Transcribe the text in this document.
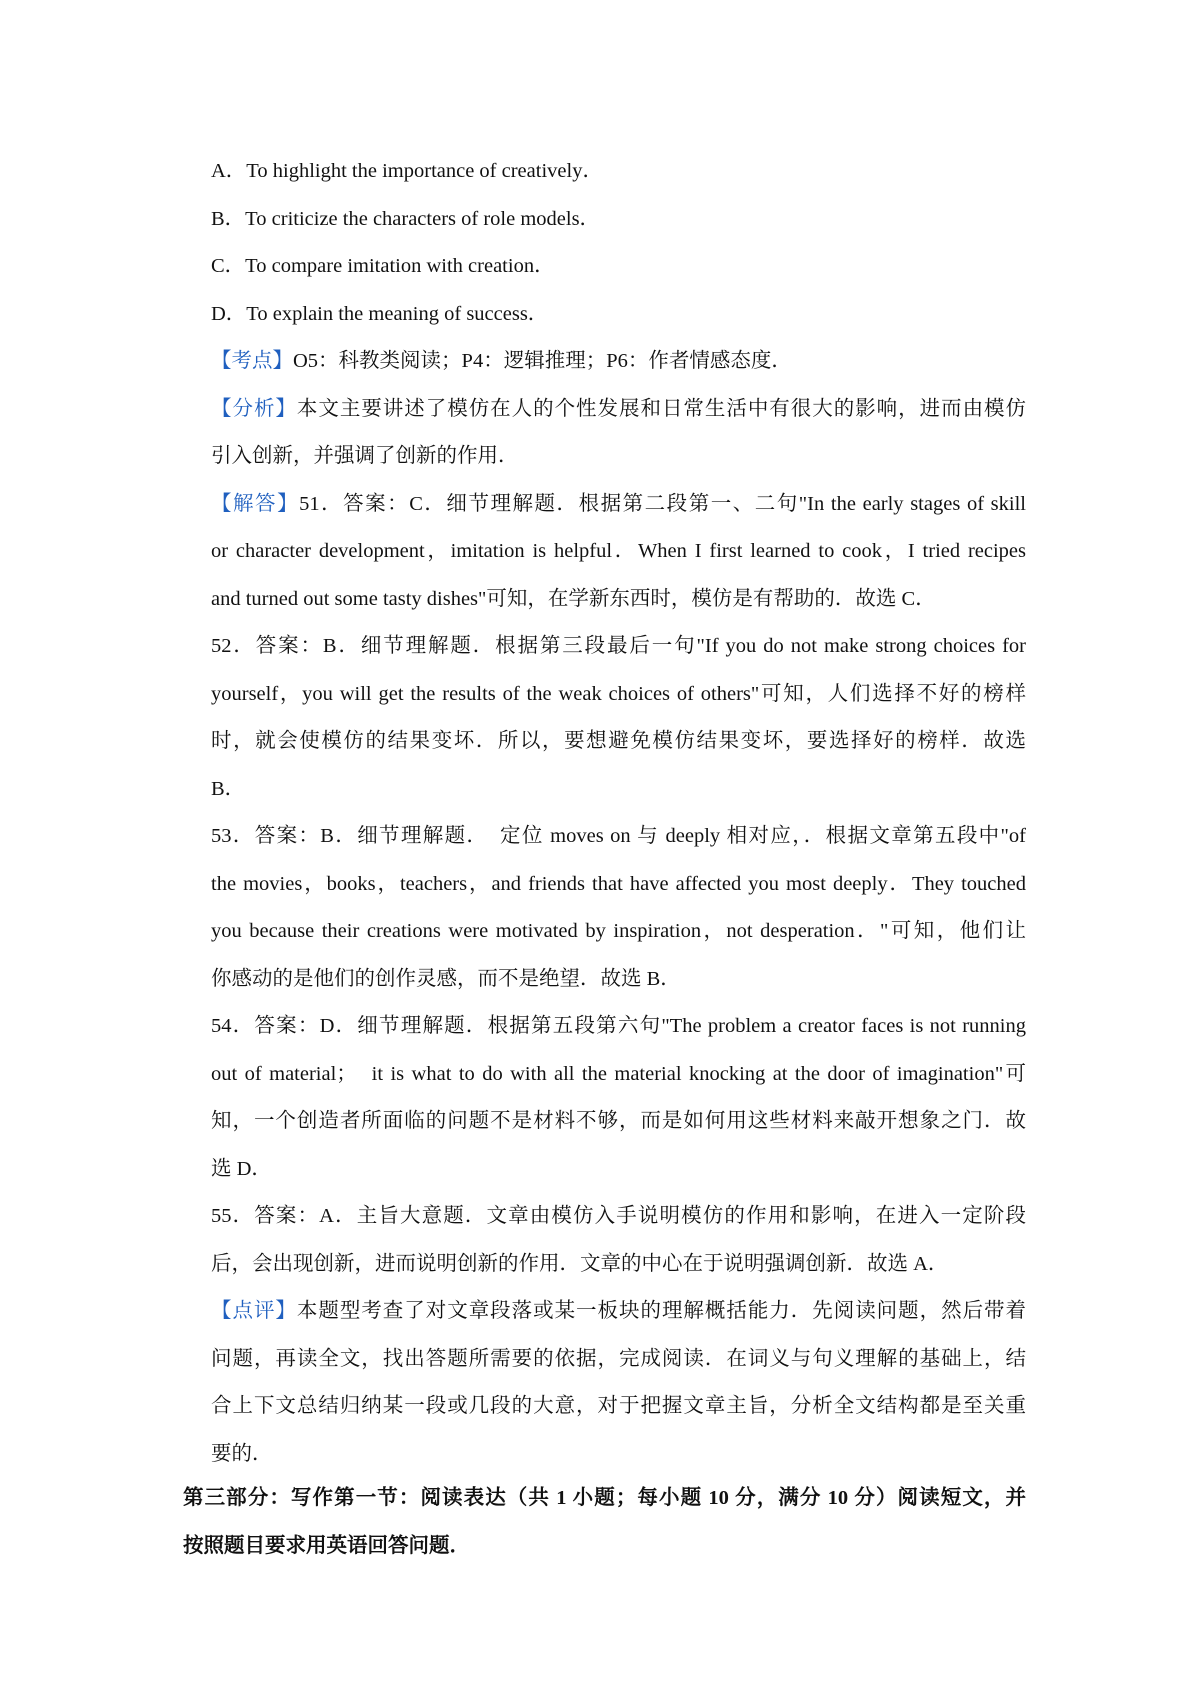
A．To highlight the importance of creatively．
B．To criticize the characters of role models．
C．To compare imitation with creation．
D．To explain the meaning of success．
【考点】O5：科教类阅读；P4：逻辑推理；P6：作者情感态度．
【分析】本文主要讲述了模仿在人的个性发展和日常生活中有很大的影响，进而由模仿
引入创新，并强调了创新的作用．
【解答】51．答案：C．细节理解题．根据第二段第一、二句"In the early stages of skill
or character development，imitation is helpful．When I first learned to cook，I tried recipes
and turned out some tasty dishes"可知，在学新东西时，模仿是有帮助的．故选 C．
52．答案：B．细节理解题．根据第三段最后一句"If you do not make strong choices for
yourself，you will get the results of the weak choices of others"可知，人们选择不好的榜样
时，就会使模仿的结果变坏．所以，要想避免模仿结果变坏，要选择好的榜样．故选
B．
53．答案：B．细节理解题．　定位 moves on 与 deeply 相对应，．根据文章第五段中"of
the movies，books，teachers，and friends that have affected you most deeply．They touched
you because their creations were motivated by inspiration，not desperation．"可知，他们让
你感动的是他们的创作灵感，而不是绝望．故选 B．
54．答案：D．细节理解题．根据第五段第六句"The problem a creator faces is not running
out of material；　it is what to do with all the material knocking at the door of imagination"可
知，一个创造者所面临的问题不是材料不够，而是如何用这些材料来敲开想象之门．故
选 D．
55．答案：A．主旨大意题．文章由模仿入手说明模仿的作用和影响，在进入一定阶段
后，会出现创新，进而说明创新的作用．文章的中心在于说明强调创新．故选 A．
【点评】本题型考查了对文章段落或某一板块的理解概括能力．先阅读问题，然后带着
问题，再读全文，找出答题所需要的依据，完成阅读．在词义与句义理解的基础上，结
合上下文总结归纳某一段或几段的大意，对于把握文章主旨，分析全文结构都是至关重
要的．
第三部分：写作第一节：阅读表达（共 1 小题；每小题 10 分，满分 10 分）阅读短文，并
按照题目要求用英语回答问题．
